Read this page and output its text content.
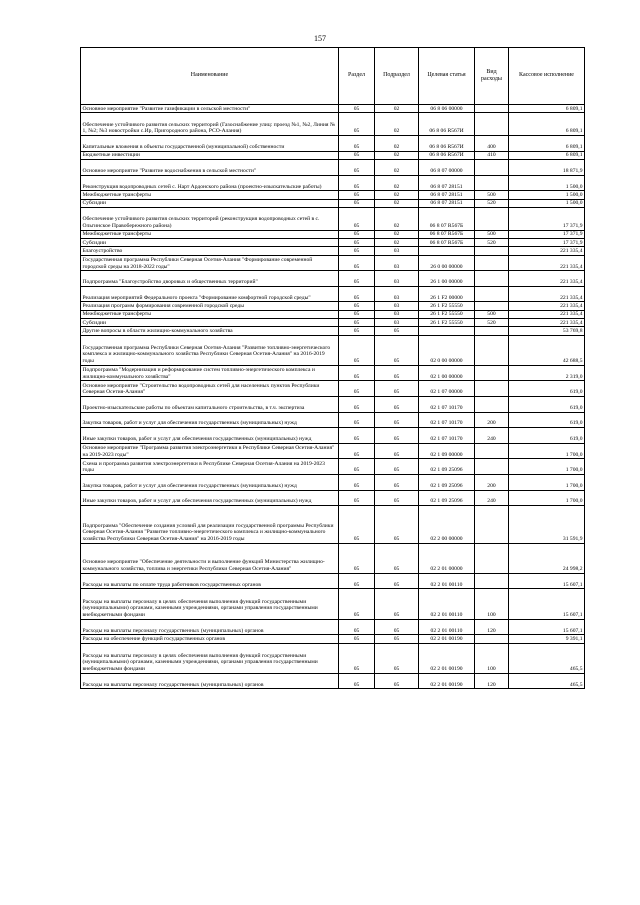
157
Наименование	Раздел	Подраздел	Целевая статья	Вид расходы	Кассовое исполнение
Основное мероприятие "Развитие газификации в сельской местности"	05	02	06 8 06 00000		6 809,1
Обеспечение устойчивого развития сельских территорий (Газоснабжение улиц: проезд №1, №2, Линия № 1, №2; №3 новостройки с.Ир, Пригородного района, РСО-Алания)	05	02	06 8 06 R567И		6 809,1
Капитальные вложения в объекты государственной (муниципальной) собственности	05	02	06 8 06 R567И	400	6 809,1
Бюджетные инвестиции	05	02	06 8 06 R567И	410	6 809,1
Основное мероприятие "Развитие водоснабжения в сельской местности"	05	02	06 8 07 00000		18 871,9
Реконструкция водопроводных сетей с. Нарт Ардонского района (проектно-изыскательские работы)	05	02	06 8 07 28151		1 500,0
Межбюджетные трансферты	05	02	06 8 07 28151	500	1 500,0
Субсидии	05	02	06 8 07 28151	520	1 500,0
Обеспечение устойчивого развития сельских территорий (реконструкция водопроводных сетей в с. Ольгинское Правобережного района)	05	02	06 8 07 R567Б		17 371,9
Межбюджетные трансферты	05	02	06 8 07 R567Б	500	17 371,9
Субсидии	05	02	06 8 07 R567Б	520	17 371,9
Благоустройство	05	03			221 335,4
Государственная программа Республики Северная Осетия-Алания "Формирование современной городской среды на 2018-2022 годы"	05	03	26 0 00 00000		221 335,4
Подпрограмма "Благоустройство дворовых и общественных территорий"	05	03	26 1 00 00000		221 335,4
Реализация мероприятий Федерального проекта "Формирование комфортной городской среды"	05	03	26 1 F2 00000		221 335,4
Реализация программ формирования современной городской среды	05	03	26 1 F2 55550		221 335,4
Межбюджетные трансферты	05	03	26 1 F2 55550	500	221 335,4
Субсидии	05	03	26 1 F2 55550	520	221 335,4
Другие вопросы в области жилищно-коммунального хозяйства	05	05			53 769,8
Государственная программа Республики Северная Осетия-Алания "Развитие топливно-энергетического комплекса и жилищно-коммунального хозяйства Республики Северная Осетия-Алания" на 2016-2019 годы	05	05	02 0 00 00000		42 688,5
Подпрограмма "Модернизация и реформирование систем топливно-энергетического комплекса и жилищно-коммунального хозяйства"	05	05	02 1 00 00000		2 319,0
Основное мероприятие "Строительство водопроводных сетей для населенных пунктов Республики Северная Осетия-Алания"	05	05	02 1 07 00000		619,0
Проектно-изыскательские работы по объектам капитального строительства, в т.ч. экспертиза	05	05	02 1 07 10170		619,0
Закупка товаров, работ и услуг для обеспечения государственных (муниципальных) нужд	05	05	02 1 07 10170	200	619,0
Иные закупки товаров, работ и услуг для обеспечения государственных (муниципальных) нужд	05	05	02 1 07 10170	240	619,0
Основное мероприятие "Программа развития электроэнергетики в Республике Северная Осетия-Алания" на 2019-2023 годы"	05	05	02 1 09 00000		1 700,0
Схема и программа развития электроэнергетики в Республике Северная Осетия-Алания на 2019-2023 годы	05	05	02 1 09 25096		1 700,0
Закупка товаров, работ и услуг для обеспечения государственных (муниципальных) нужд	05	05	02 1 09 25096	200	1 700,0
Иные закупки товаров, работ и услуг для обеспечения государственных (муниципальных) нужд	05	05	02 1 09 25096	240	1 700,0
Подпрограмма "Обеспечение создания условий для реализации государственной программы Республики Северная Осетия-Алания "Развитие топливно-энергетического комплекса и жилищно-коммунального хозяйства Республики Северная Осетия-Алания" на 2016-2019 годы	05	05	02 2 00 00000		31 591,9
Основное мероприятие "Обеспечение деятельности и выполнение функций Министерства жилищно-коммунального хозяйства, топлива и энергетики Республики Северная Осетия-Алания"	05	05	02 2 01 00000		24 998,2
Расходы на выплаты по оплате труда работников государственных органов	05	05	02 2 01 00110		15 607,1
Расходы на выплаты персоналу в целях обеспечения выполнения функций государственными (муниципальными) органами, казенными учреждениями, органами управления государственными внебюджетными фондами	05	05	02 2 01 00110	100	15 607,1
Расходы на выплаты персоналу государственных (муниципальных) органов	05	05	02 2 01 00110	120	15 607,1
Расходы на обеспечение функций государственных органов	05	05	02 2 01 00190		9 391,1
Расходы на выплаты персоналу в целях обеспечения выполнения функций государственными (муниципальными) органами, казенными учреждениями, органами управления государственными внебюджетными фондами	05	05	02 2 01 00190	100	465,5
Расходы на выплаты персоналу государственных (муниципальных) органов	05	05	02 2 01 00190	120	465,5
